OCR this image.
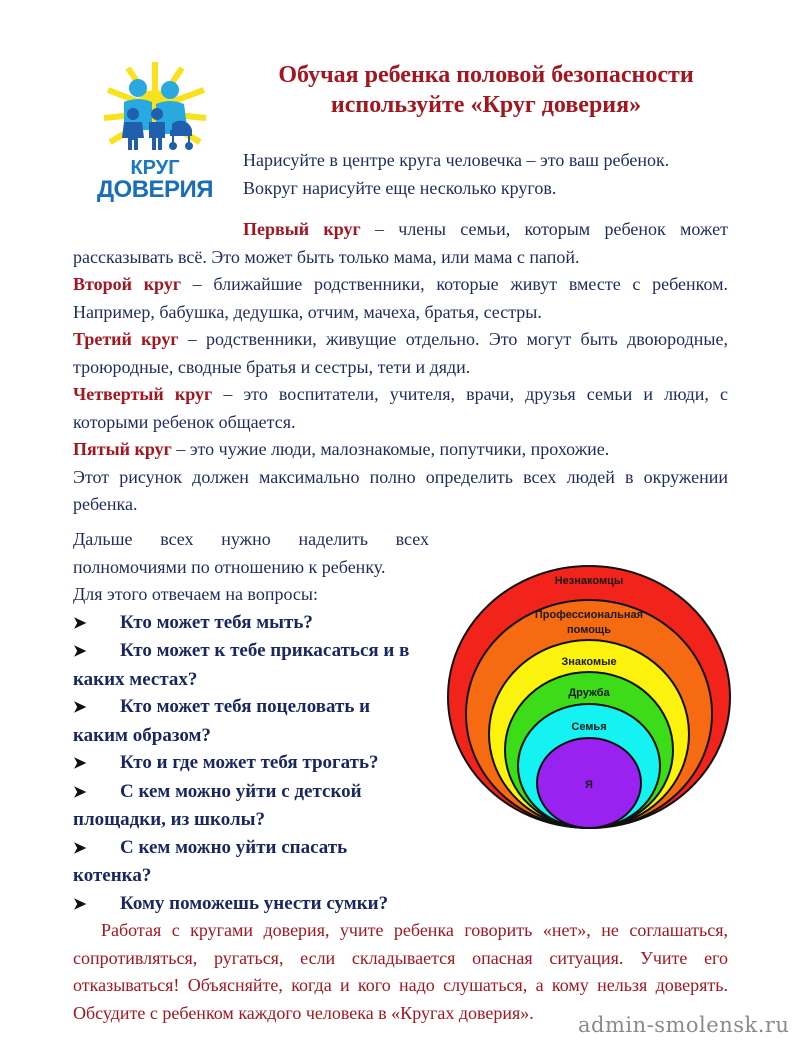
КРУГ
ДОВЕРИЯ
Обучая ребенка половой безопасности
используйте «Круг доверия»
Нарисуйте в центре круга человечка – это ваш ребенок.
Вокруг нарисуйте еще несколько кругов.
Первый круг – члены семьи, которым ребенок может рассказывать всё. Это может быть только мама, или мама с папой.
Второй круг – ближайшие родственники, которые живут вместе с ребенком. Например, бабушка, дедушка, отчим, мачеха, братья, сестры.
Третий круг – родственники, живущие отдельно. Это могут быть двоюродные, троюродные, сводные братья и сестры, тети и дяди.
Четвертый круг – это воспитатели, учителя, врачи, друзья семьи и люди, с которыми ребенок общается.
Пятый круг – это чужие люди, малознакомые, попутчики, прохожие.
Этот рисунок должен максимально полно определить всех людей в окружении ребенка.
Дальше всех нужно наделить всех полномочиями по отношению к ребенку.
Для этого отвечаем на вопросы:
➤ Кто может тебя мыть?
➤ Кто может к тебе прикасаться и в каких местах?
➤ Кто может тебя поцеловать и каким образом?
➤ Кто и где может тебя трогать?
➤ С кем можно уйти с детской площадки, из школы?
➤ С кем можно уйти спасать котенка?
➤ Кому поможешь унести сумки?
Незнакомцы
Профессиональная
помощь
Знакомые
Дружба
Семья
Я
Работая с кругами доверия, учите ребенка говорить «нет», не соглашаться, сопротивляться, ругаться, если складывается опасная ситуация. Учите его отказываться! Объясняйте, когда и кого надо слушаться, а кому нельзя доверять. Обсудите с ребенком каждого человека в «Кругах доверия».
admin-smolensk.ru
